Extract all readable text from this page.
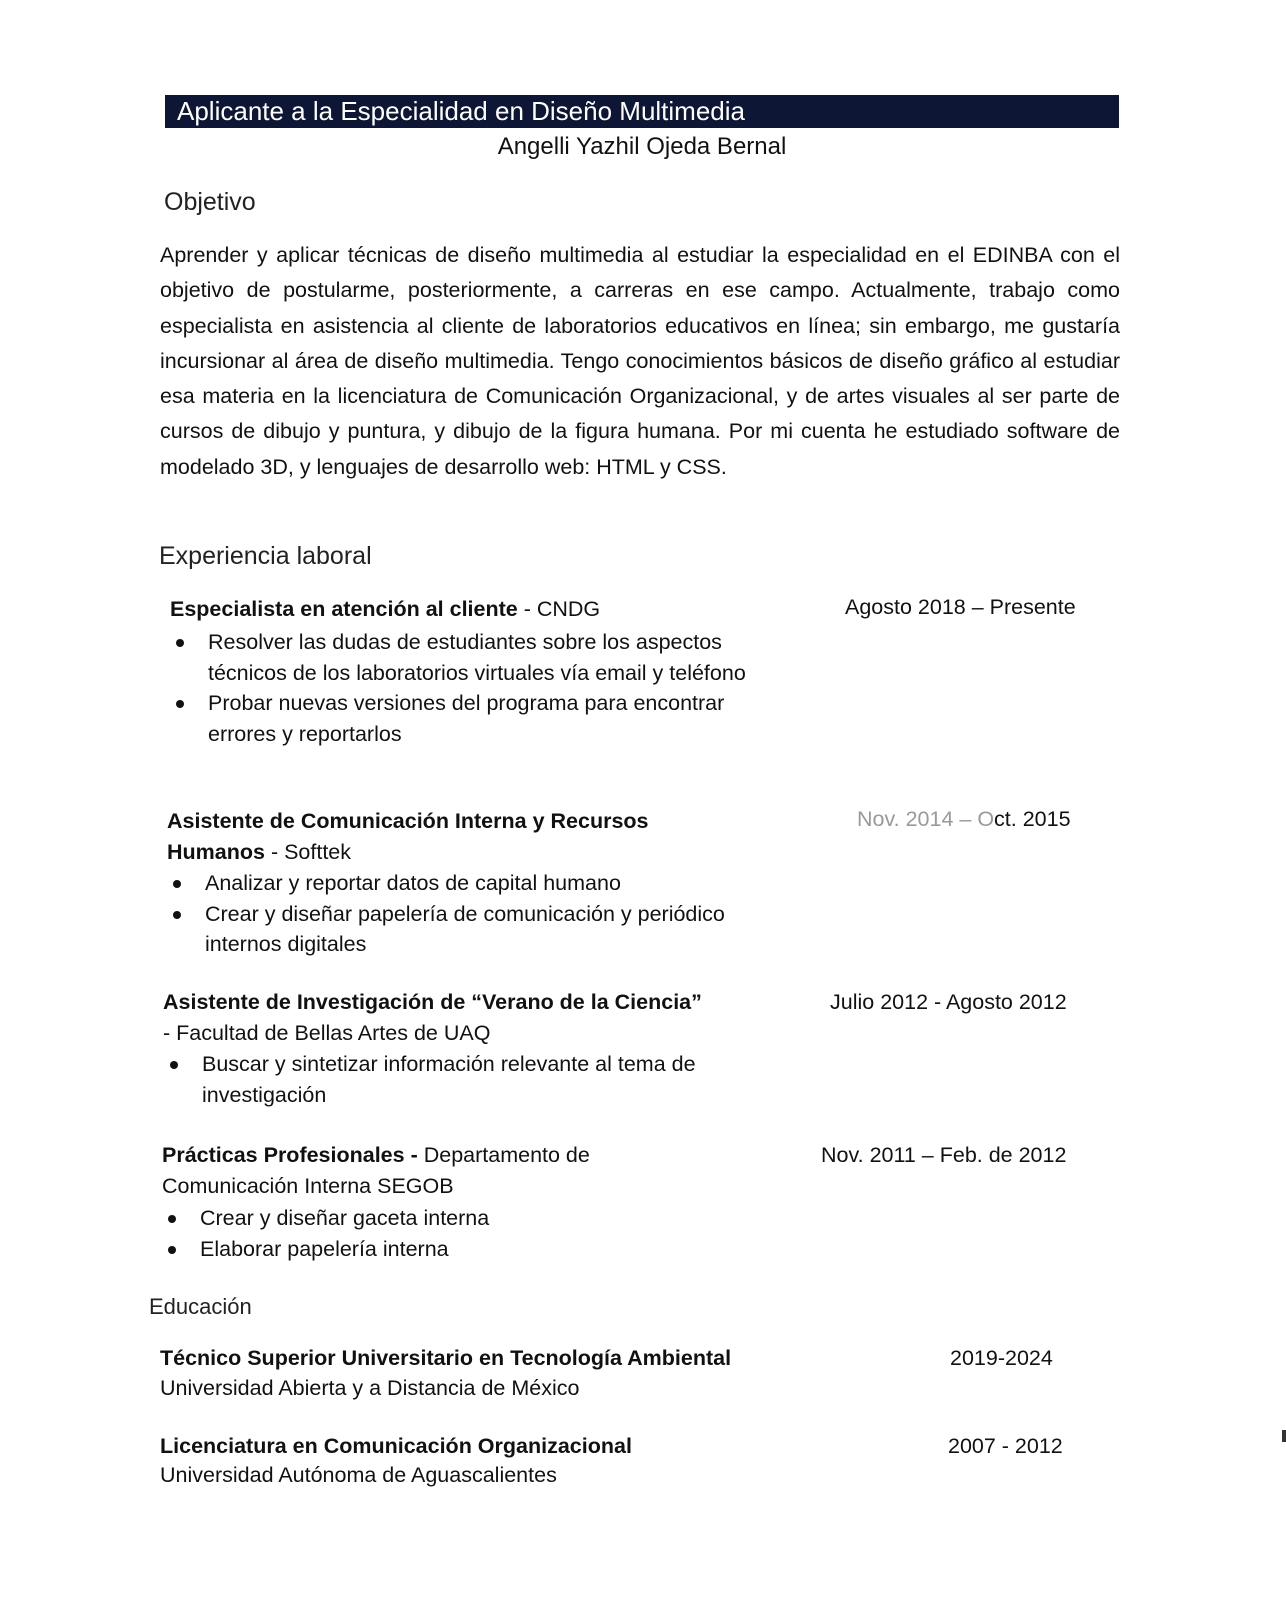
Aplicante a la Especialidad en Diseño Multimedia
Angelli Yazhil Ojeda Bernal
Objetivo

Aprender y aplicar técnicas de diseño multimedia al estudiar la especialidad en el EDINBA con el objetivo de postularme, posteriormente, a carreras en ese campo. Actualmente, trabajo como especialista en asistencia al cliente de laboratorios educativos en línea; sin embargo, me gustaría incursionar al área de diseño multimedia. Tengo conocimientos básicos de diseño gráfico al estudiar esa materia en la licenciatura de Comunicación Organizacional, y de artes visuales al ser parte de cursos de dibujo y puntura, y dibujo de la figura humana. Por mi cuenta he estudiado software de modelado 3D, y lenguajes de desarrollo web: HTML y CSS.

Experiencia laboral
Especialista en atención al cliente - CNDG	Agosto 2018 – Presente
Resolver las dudas de estudiantes sobre los aspectos técnicos de los laboratorios virtuales vía email y teléfono
Probar nuevas versiones del programa para encontrar errores y reportarlos
Asistente de Comunicación Interna y Recursos Humanos - Softtek
Nov. 2014 – Oct. 2015
Analizar y reportar datos de capital humano
Crear y diseñar papelería de comunicación y periódico internos digitales
Asistente de Investigación de “Verano de la Ciencia”
- Facultad de Bellas Artes de UAQ
Julio 2012 - Agosto 2012
Buscar y sintetizar información relevante al tema de investigación
Prácticas Profesionales - Departamento de Comunicación Interna SEGOB
Nov. 2011 – Feb. de 2012
Crear y diseñar gaceta interna
Elaborar papelería interna
Educación
Técnico Superior Universitario en Tecnología Ambiental
Universidad Abierta y a Distancia de México
2019-2024
Licenciatura en Comunicación Organizacional
Universidad Autónoma de Aguascalientes
2007 - 2012
